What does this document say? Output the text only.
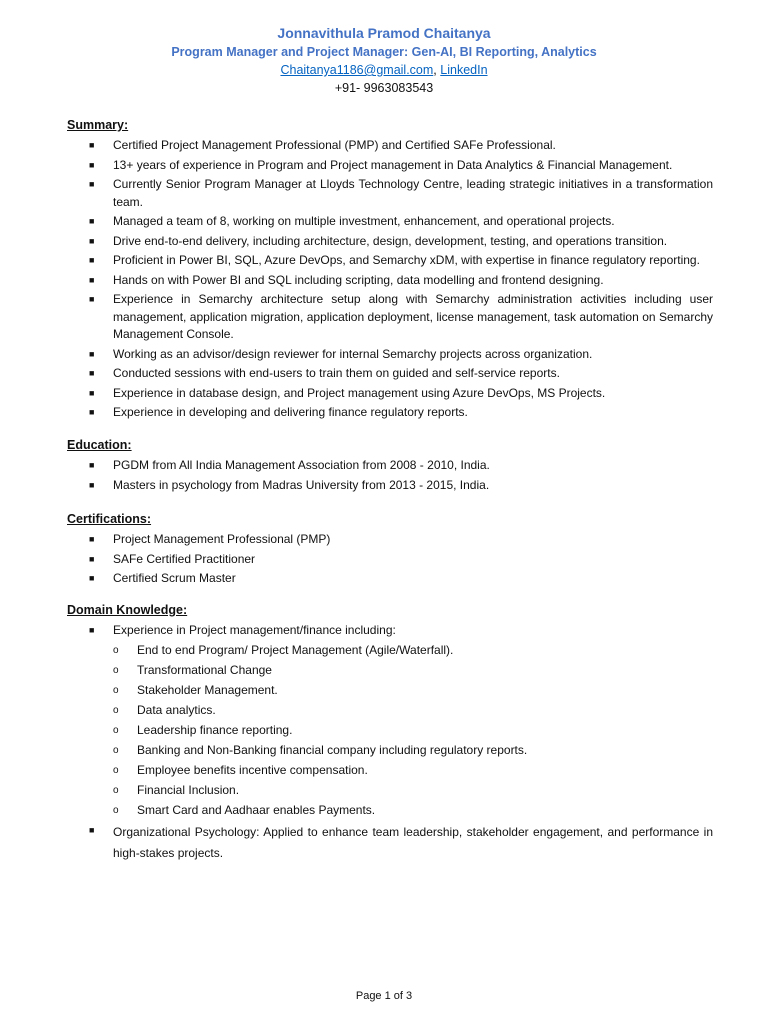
Jonnavithula Pramod Chaitanya
Program Manager and Project Manager: Gen-AI, BI Reporting, Analytics
Chaitanya1186@gmail.com, LinkedIn
+91- 9963083543
Summary:
■ Certified Project Management Professional (PMP) and Certified SAFe Professional.
■ 13+ years of experience in Program and Project management in Data Analytics & Financial Management.
■ Currently Senior Program Manager at Lloyds Technology Centre, leading strategic initiatives in a transformation team.
■ Managed a team of 8, working on multiple investment, enhancement, and operational projects.
■ Drive end-to-end delivery, including architecture, design, development, testing, and operations transition.
■ Proficient in Power BI, SQL, Azure DevOps, and Semarchy xDM, with expertise in finance regulatory reporting.
■ Hands on with Power BI and SQL including scripting, data modelling and frontend designing.
■ Experience in Semarchy architecture setup along with Semarchy administration activities including user management, application migration, application deployment, license management, task automation on Semarchy Management Console.
■ Working as an advisor/design reviewer for internal Semarchy projects across organization.
■ Conducted sessions with end-users to train them on guided and self-service reports.
■ Experience in database design, and Project management using Azure DevOps, MS Projects.
■ Experience in developing and delivering finance regulatory reports.
Education:
■ PGDM from All India Management Association from 2008 - 2010, India.
■ Masters in psychology from Madras University from 2013 - 2015, India.
Certifications:
■ Project Management Professional (PMP)
■ SAFe Certified Practitioner
■ Certified Scrum Master
Domain Knowledge:
■ Experience in Project management/finance including:
o End to end Program/ Project Management (Agile/Waterfall).
o Transformational Change
o Stakeholder Management.
o Data analytics.
o Leadership finance reporting.
o Banking and Non-Banking financial company including regulatory reports.
o Employee benefits incentive compensation.
o Financial Inclusion.
o Smart Card and Aadhaar enables Payments.
■ Organizational Psychology: Applied to enhance team leadership, stakeholder engagement, and performance in high-stakes projects.
Page 1 of 3
